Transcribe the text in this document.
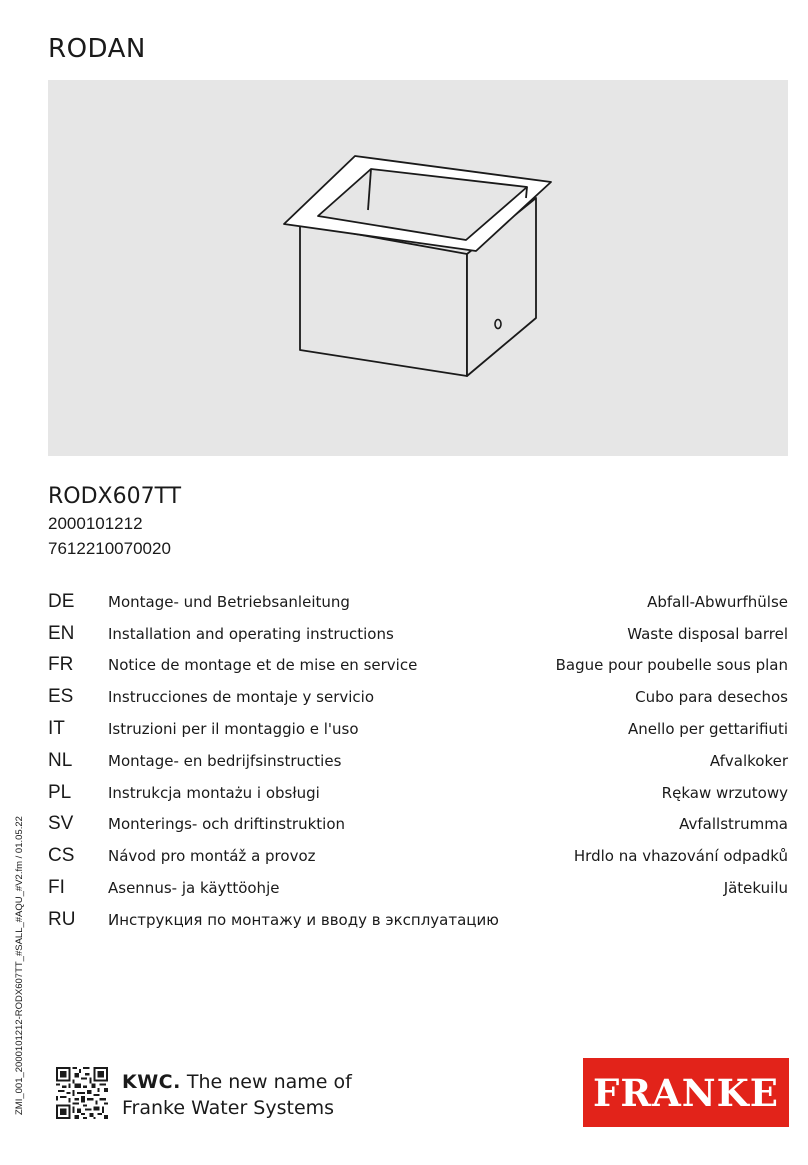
RODAN
RODX607TT
2000101212
7612210070020
DE	Montage- und Betriebsanleitung	Abfall-Abwurfhülse
EN	Installation and operating instructions	Waste disposal barrel
FR	Notice de montage et de mise en service	Bague pour poubelle sous plan
ES	Instrucciones de montaje y servicio	Cubo para desechos
IT	Istruzioni per il montaggio e l'uso	Anello per gettarifiuti
NL	Montage- en bedrijfsinstructies	Afvalkoker
PL	Instrukcja montażu i obsługi	Rękaw wrzutowy
SV	Monterings- och driftinstruktion	Avfallstrumma
CS	Návod pro montáž a provoz	Hrdlo na vhazování odpadků
FI	Asennus- ja käyttöohje	Jätekuilu
RU	Инструкция по монтажу и вводу в эксплуатацию
ZMI_001_2000101212-RODX607TT_#SALL_#AQU_#V2.fm / 01.05.22	KWC. The new name of
Franke Water Systems	FRANKE
